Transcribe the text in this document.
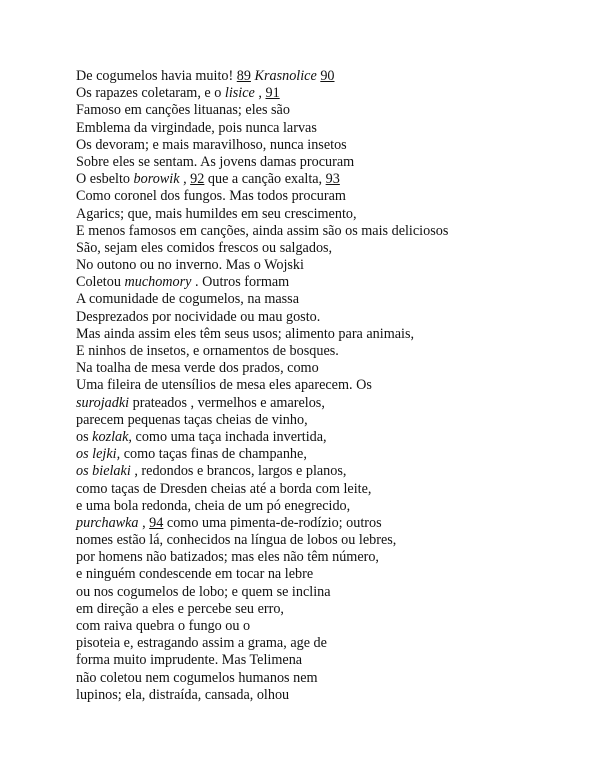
De cogumelos havia muito! 89 Krasnolice 90
Os rapazes coletaram, e o lisice , 91
Famoso em canções lituanas; eles são
Emblema da virgindade, pois nunca larvas
Os devoram; e mais maravilhoso, nunca insetos
Sobre eles se sentam. As jovens damas procuram
O esbelto borowik , 92 que a canção exalta, 93
Como coronel dos fungos. Mas todos procuram
Agarics; que, mais humildes em seu crescimento,
E menos famosos em canções, ainda assim são os mais deliciosos
São, sejam eles comidos frescos ou salgados,
No outono ou no inverno. Mas o Wojski
Coletou muchomory . Outros formam
A comunidade de cogumelos, na massa
Desprezados por nocividade ou mau gosto.
Mas ainda assim eles têm seus usos; alimento para animais,
E ninhos de insetos, e ornamentos de bosques.
Na toalha de mesa verde dos prados, como
Uma fileira de utensílios de mesa eles aparecem. Os
surojadki prateados , vermelhos e amarelos,
parecem pequenas taças cheias de vinho,
os kozlak, como uma taça inchada invertida,
os lejki, como taças finas de champanhe,
os bielaki , redondos e brancos, largos e planos,
como taças de Dresden cheias até a borda com leite,
e uma bola redonda, cheia de um pó enegrecido,
purchawka , 94 como uma pimenta-de-rodízio; outros
nomes estão lá, conhecidos na língua de lobos ou lebres,
por homens não batizados; mas eles não têm número,
e ninguém condescende em tocar na lebre
ou nos cogumelos de lobo; e quem se inclina
em direção a eles e percebe seu erro,
com raiva quebra o fungo ou o
pisoteia e, estragando assim a grama, age de
forma muito imprudente. Mas Telimena
não coletou nem cogumelos humanos nem
lupinos; ela, distraída, cansada, olhou
